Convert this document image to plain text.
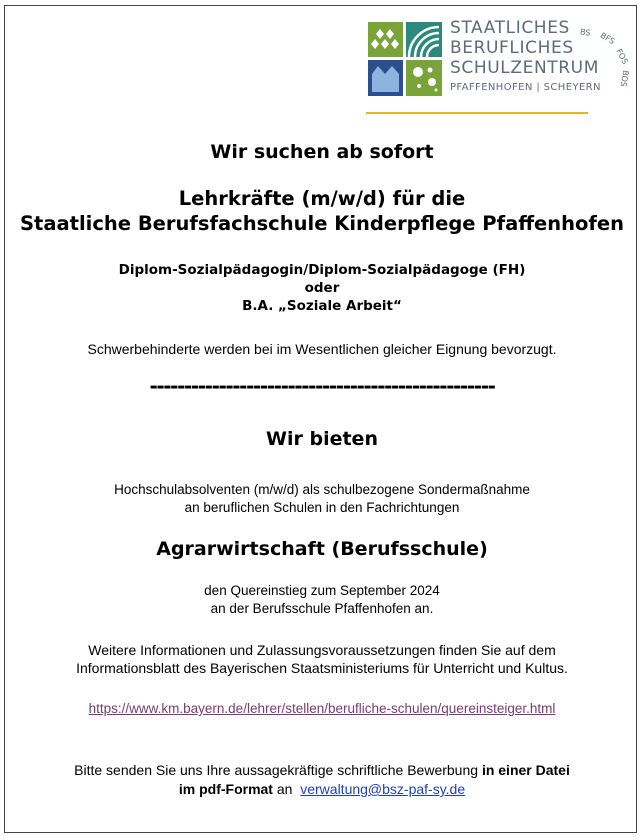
STAATLICHES
BERUFLICHES
SCHULZENTRUM
PFAFFENHOFEN | SCHEYERN
BS BFS
FOS
BOS
Wir suchen ab sofort
Lehrkräfte (m/w/d) für die
Staatliche Berufsfachschule Kinderpflege Pfaffenhofen
Diplom-Sozialpädagogin/Diplom-Sozialpädagoge (FH)
oder
B.A. „Soziale Arbeit“
Schwerbehinderte werden bei im Wesentlichen gleicher Eignung bevorzugt.
--------------------------------------------------
Wir bieten
Hochschulabsolventen (m/w/d) als schulbezogene Sondermaßnahme
an beruflichen Schulen in den Fachrichtungen
Agrarwirtschaft (Berufsschule)
den Quereinstieg zum September 2024
an der Berufsschule Pfaffenhofen an.
Weitere Informationen und Zulassungsvoraussetzungen finden Sie auf dem
Informationsblatt des Bayerischen Staatsministeriums für Unterricht und Kultus.
https://www.km.bayern.de/lehrer/stellen/berufliche-schulen/quereinsteiger.html
Bitte senden Sie uns Ihre aussagekräftige schriftliche Bewerbung in einer Datei
im pdf-Format an  verwaltung@bsz-paf-sy.de
